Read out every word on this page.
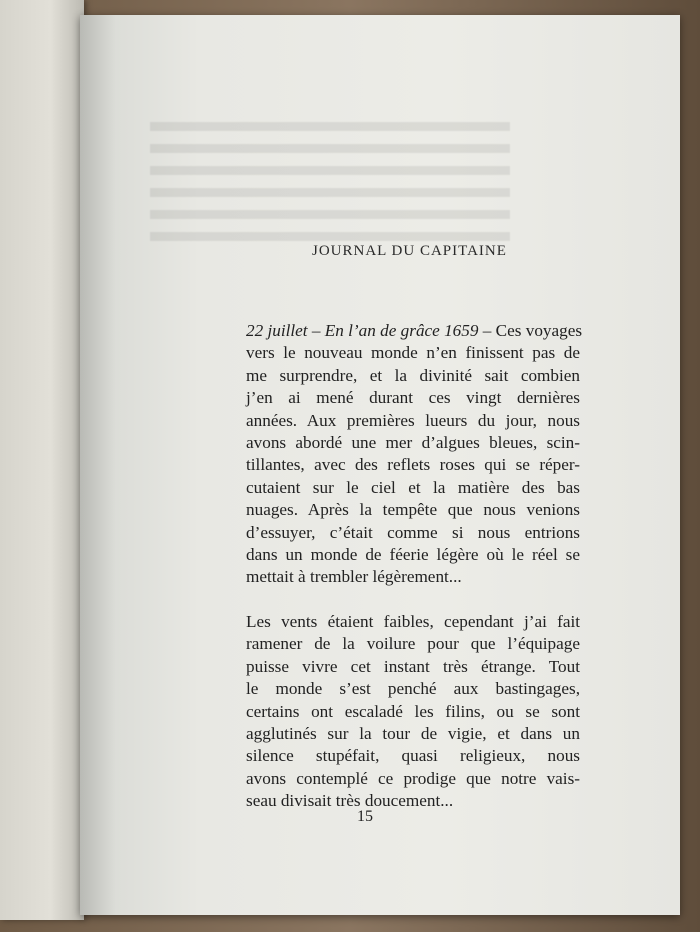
JOURNAL DU CAPITAINE
22 juillet – En l’an de grâce 1659 – Ces voyages
vers le nouveau monde n’en finissent pas de
me surprendre, et la divinité sait combien
j’en ai mené durant ces vingt dernières
années. Aux premières lueurs du jour, nous
avons abordé une mer d’algues bleues, scin-
tillantes, avec des reflets roses qui se réper-
cutaient sur le ciel et la matière des bas
nuages. Après la tempête que nous venions
d’essuyer, c’était comme si nous entrions
dans un monde de féerie légère où le réel se
mettait à trembler légèrement...
Les vents étaient faibles, cependant j’ai fait
ramener de la voilure pour que l’équipage
puisse vivre cet instant très étrange. Tout
le monde s’est penché aux bastingages,
certains ont escaladé les filins, ou se sont
agglutinés sur la tour de vigie, et dans un
silence stupéfait, quasi religieux, nous
avons contemplé ce prodige que notre vais-
seau divisait très doucement...
15
